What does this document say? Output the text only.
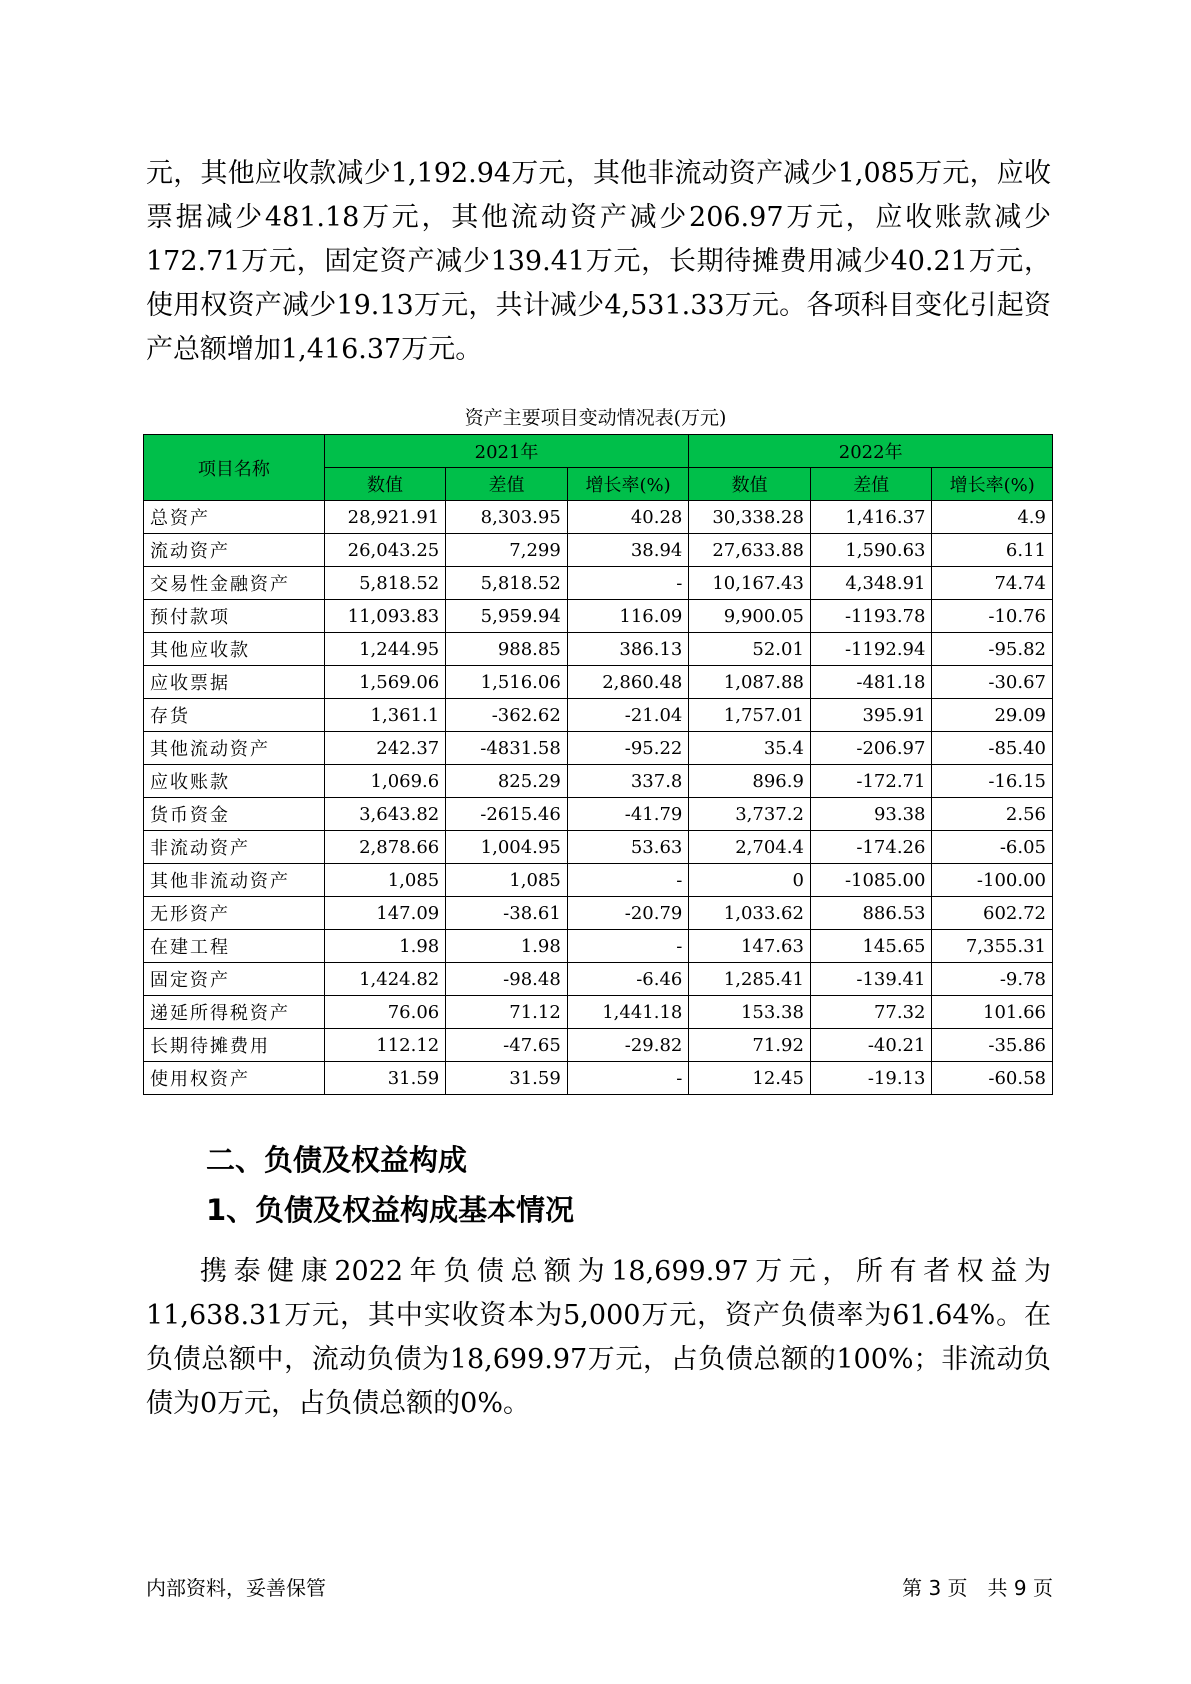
元，其他应收款减少1,192.94万元，其他非流动资产减少1,085万元，应收票据减少481.18万元，其他流动资产减少206.97万元，应收账款减少172.71万元，固定资产减少139.41万元，长期待摊费用减少40.21万元，使用权资产减少19.13万元，共计减少4,531.33万元。各项科目变化引起资产总额增加1,416.37万元。

资产主要项目变动情况表(万元)
项目名称	2021年			2022年		
	数值	差值	增长率(%)	数值	差值	增长率(%)
总资产	28,921.91	8,303.95	40.28	30,338.28	1,416.37	4.9
流动资产	26,043.25	7,299	38.94	27,633.88	1,590.63	6.11
交易性金融资产	5,818.52	5,818.52	-	10,167.43	4,348.91	74.74
预付款项	11,093.83	5,959.94	116.09	9,900.05	-1193.78	-10.76
其他应收款	1,244.95	988.85	386.13	52.01	-1192.94	-95.82
应收票据	1,569.06	1,516.06	2,860.48	1,087.88	-481.18	-30.67
存货	1,361.1	-362.62	-21.04	1,757.01	395.91	29.09
其他流动资产	242.37	-4831.58	-95.22	35.4	-206.97	-85.40
应收账款	1,069.6	825.29	337.8	896.9	-172.71	-16.15
货币资金	3,643.82	-2615.46	-41.79	3,737.2	93.38	2.56
非流动资产	2,878.66	1,004.95	53.63	2,704.4	-174.26	-6.05
其他非流动资产	1,085	1,085	-	0	-1085.00	-100.00
无形资产	147.09	-38.61	-20.79	1,033.62	886.53	602.72
在建工程	1.98	1.98	-	147.63	145.65	7,355.31
固定资产	1,424.82	-98.48	-6.46	1,285.41	-139.41	-9.78
递延所得税资产	76.06	71.12	1,441.18	153.38	77.32	101.66
长期待摊费用	112.12	-47.65	-29.82	71.92	-40.21	-35.86
使用权资产	31.59	31.59	-	12.45	-19.13	-60.58
二、负债及权益构成
1、负债及权益构成基本情况

携泰健康2022年负债总额为18,699.97万元，所有者权益为11,638.31万元，其中实收资本为5,000万元，资产负债率为61.64%。在负债总额中，流动负债为18,699.97万元，占负债总额的100%；非流动负债为0万元，占负债总额的0%。

内部资料，妥善保管	第 3 页　共 9 页
